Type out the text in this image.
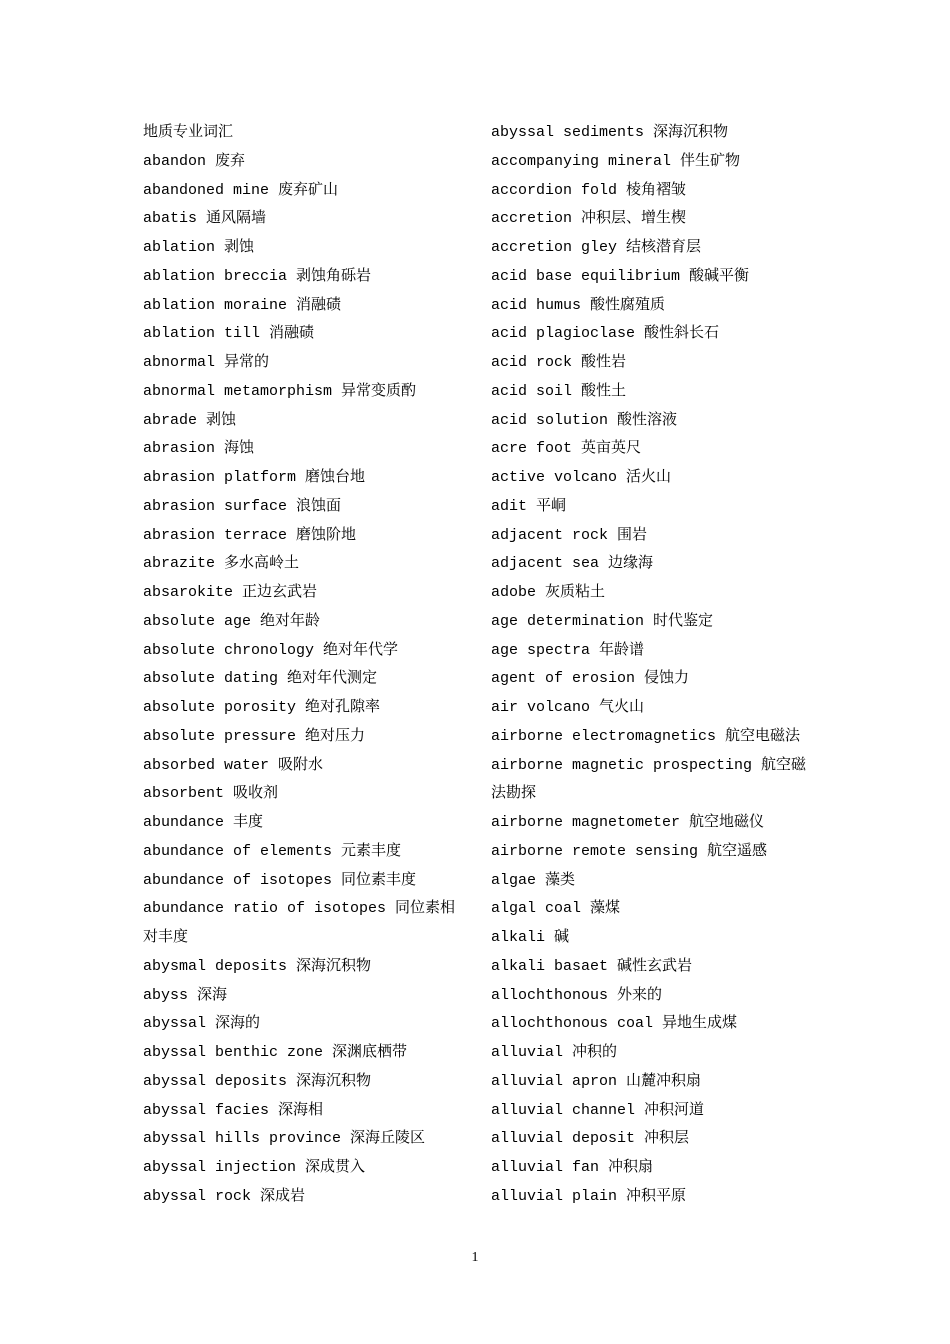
地质专业词汇
abandon 废弃
abandoned mine 废弃矿山
abatis 通风隔墙
ablation 剥蚀
ablation breccia 剥蚀角砾岩
ablation moraine 消融碛
ablation till 消融碛
abnormal 异常的
abnormal metamorphism 异常变质酌
abrade 剥蚀
abrasion 海蚀
abrasion platform 磨蚀台地
abrasion surface 浪蚀面
abrasion terrace 磨蚀阶地
abrazite 多水高岭土
absarokite 正边玄武岩
absolute age 绝对年龄
absolute chronology 绝对年代学
absolute dating 绝对年代测定
absolute porosity 绝对孔隙率
absolute pressure 绝对压力
absorbed water 吸附水
absorbent 吸收剂
abundance 丰度
abundance of elements 元素丰度
abundance of isotopes 同位素丰度
abundance ratio of isotopes 同位素相对丰度
abysmal deposits 深海沉积物
abyss 深海
abyssal 深海的
abyssal benthic zone 深渊底栖带
abyssal deposits 深海沉积物
abyssal facies 深海相
abyssal hills province 深海丘陵区
abyssal injection 深成贯入
abyssal rock 深成岩
abyssal sediments 深海沉积物
accompanying mineral 伴生矿物
accordion fold 棱角褶皱
accretion 冲积层、增生楔
accretion gley 结核潜育层
acid base equilibrium 酸碱平衡
acid humus 酸性腐殖质
acid plagioclase 酸性斜长石
acid rock 酸性岩
acid soil 酸性土
acid solution 酸性溶液
acre foot 英亩英尺
active volcano 活火山
adit 平峒
adjacent rock 围岩
adjacent sea 边缘海
adobe 灰质粘土
age determination 时代鉴定
age spectra 年龄谱
agent of erosion 侵蚀力
air volcano 气火山
airborne electromagnetics 航空电磁法
airborne magnetic prospecting 航空磁法勘探
airborne magnetometer 航空地磁仪
airborne remote sensing 航空遥感
algae 藻类
algal coal 藻煤
alkali 碱
alkali basaet 碱性玄武岩
allochthonous 外来的
allochthonous coal 异地生成煤
alluvial 冲积的
alluvial apron 山麓冲积扇
alluvial channel 冲积河道
alluvial deposit 冲积层
alluvial fan 冲积扇
alluvial plain 冲积平原
1
